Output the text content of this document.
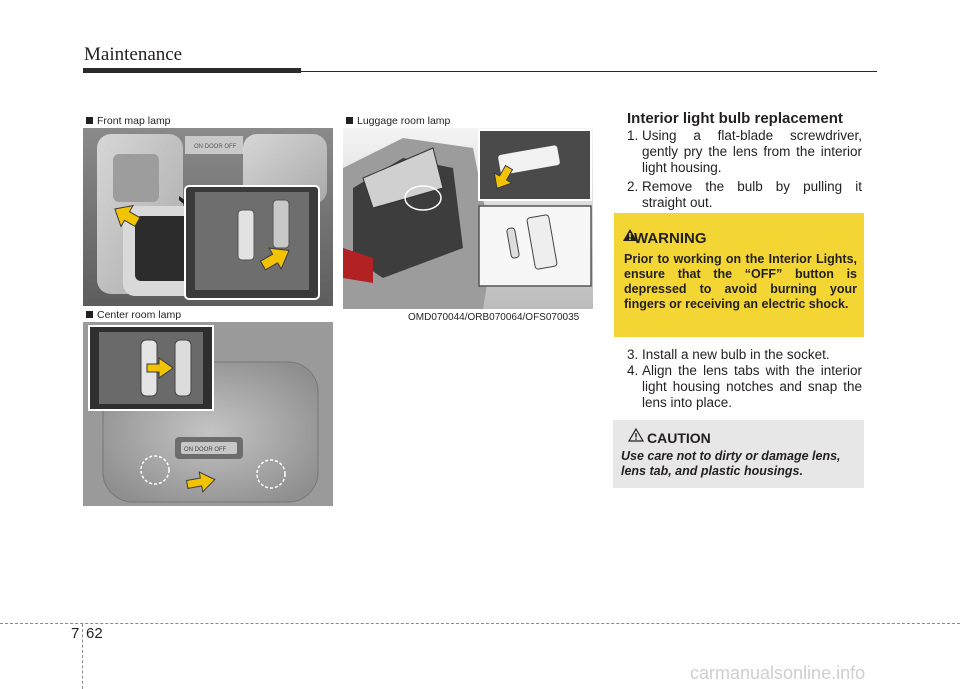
Maintenance
Front map lamp
ON DOOR OFF
Luggage room lamp
OMD070044/ORB070064/OFS070035
Center room lamp
ON DOOR OFF
Interior light bulb replacement
1. Using a flat-blade screwdriver, gently pry the lens from the interior light housing.
2. Remove the bulb by pulling it straight out.
WARNING
Prior to working on the Interior Lights, ensure that the “OFF” button is depressed to avoid burning your fingers or receiving an electric shock.
3. Install a new bulb in the socket.
4. Align the lens tabs with the interior light housing notches and snap the lens into place.
CAUTION
Use care not to dirty or damage lens, lens tab, and plastic housings.
7 62
carmanualsonline.info
